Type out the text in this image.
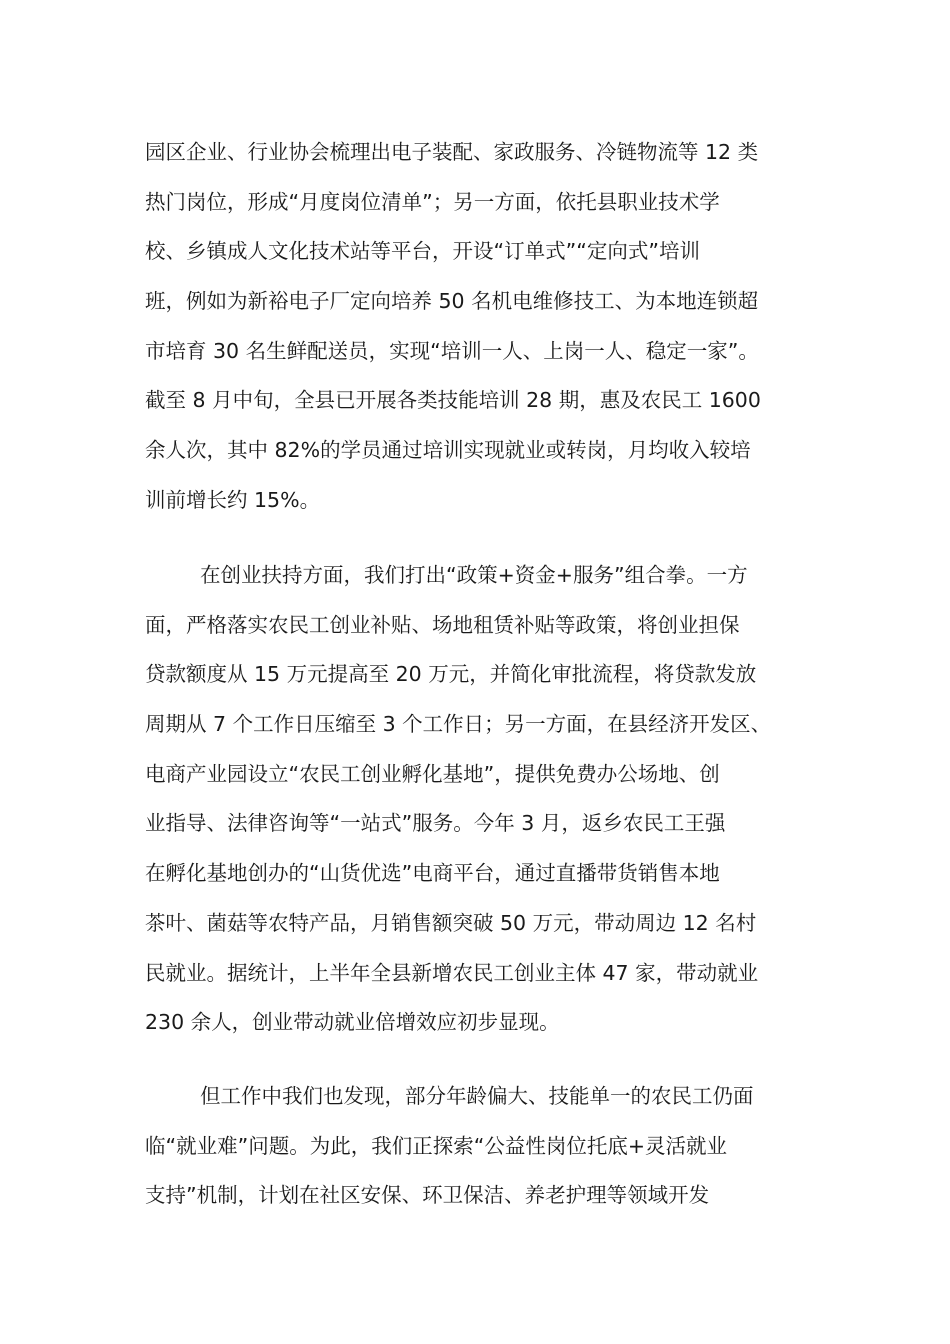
园区企业、行业协会梳理出电子装配、家政服务、冷链物流等 12 类
热门岗位，形成“月度岗位清单”；另一方面，依托县职业技术学
校、乡镇成人文化技术站等平台，开设“订单式”“定向式”培训
班，例如为新裕电子厂定向培养 50 名机电维修技工、为本地连锁超
市培育 30 名生鲜配送员，实现“培训一人、上岗一人、稳定一家”。
截至 8 月中旬，全县已开展各类技能培训 28 期，惠及农民工 1600
余人次，其中 82%的学员通过培训实现就业或转岗，月均收入较培
训前增长约 15%。
在创业扶持方面，我们打出“政策+资金+服务”组合拳。一方
面，严格落实农民工创业补贴、场地租赁补贴等政策，将创业担保
贷款额度从 15 万元提高至 20 万元，并简化审批流程，将贷款发放
周期从 7 个工作日压缩至 3 个工作日；另一方面，在县经济开发区、
电商产业园设立“农民工创业孵化基地”，提供免费办公场地、创
业指导、法律咨询等“一站式”服务。今年 3 月，返乡农民工王强
在孵化基地创办的“山货优选”电商平台，通过直播带货销售本地
茶叶、菌菇等农特产品，月销售额突破 50 万元，带动周边 12 名村
民就业。据统计，上半年全县新增农民工创业主体 47 家，带动就业
230 余人，创业带动就业倍增效应初步显现。
但工作中我们也发现，部分年龄偏大、技能单一的农民工仍面
临“就业难”问题。为此，我们正探索“公益性岗位托底+灵活就业
支持”机制，计划在社区安保、环卫保洁、养老护理等领域开发
